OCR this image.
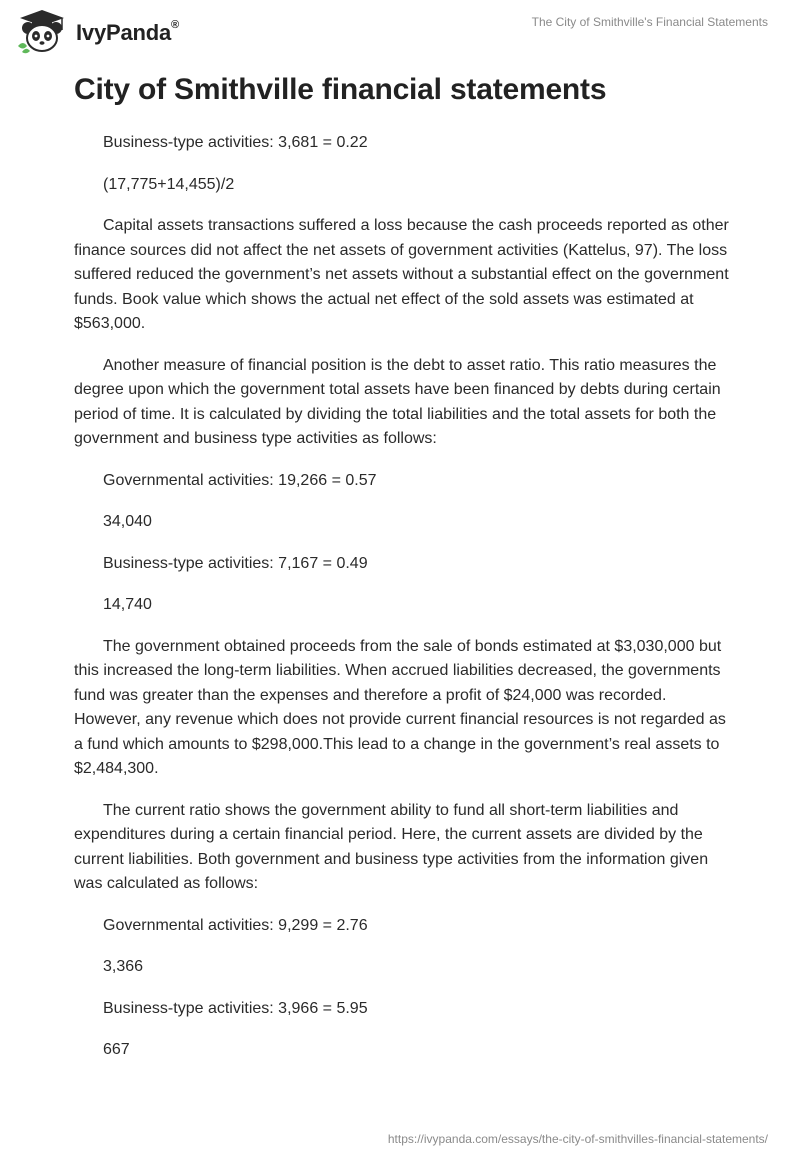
IvyPanda®	The City of Smithville's Financial Statements
City of Smithville financial statements

Business-type activities: 3,681 = 0.22

(17,775+14,455)/2

Capital assets transactions suffered a loss because the cash proceeds reported as other finance sources did not affect the net assets of government activities (Kattelus, 97). The loss suffered reduced the government’s net assets without a substantial effect on the government funds. Book value which shows the actual net effect of the sold assets was estimated at $563,000.

Another measure of financial position is the debt to asset ratio. This ratio measures the degree upon which the government total assets have been financed by debts during certain period of time. It is calculated by dividing the total liabilities and the total assets for both the government and business type activities as follows:

Governmental activities: 19,266 = 0.57

34,040

Business-type activities: 7,167 = 0.49

14,740

The government obtained proceeds from the sale of bonds estimated at $3,030,000 but this increased the long-term liabilities. When accrued liabilities decreased, the governments fund was greater than the expenses and therefore a profit of $24,000 was recorded. However, any revenue which does not provide current financial resources is not regarded as a fund which amounts to $298,000.This lead to a change in the government’s real assets to $2,484,300.

The current ratio shows the government ability to fund all short-term liabilities and expenditures during a certain financial period. Here, the current assets are divided by the current liabilities. Both government and business type activities from the information given was calculated as follows:

Governmental activities: 9,299 = 2.76

3,366

Business-type activities: 3,966 = 5.95

667

https://ivypanda.com/essays/the-city-of-smithvilles-financial-statements/
